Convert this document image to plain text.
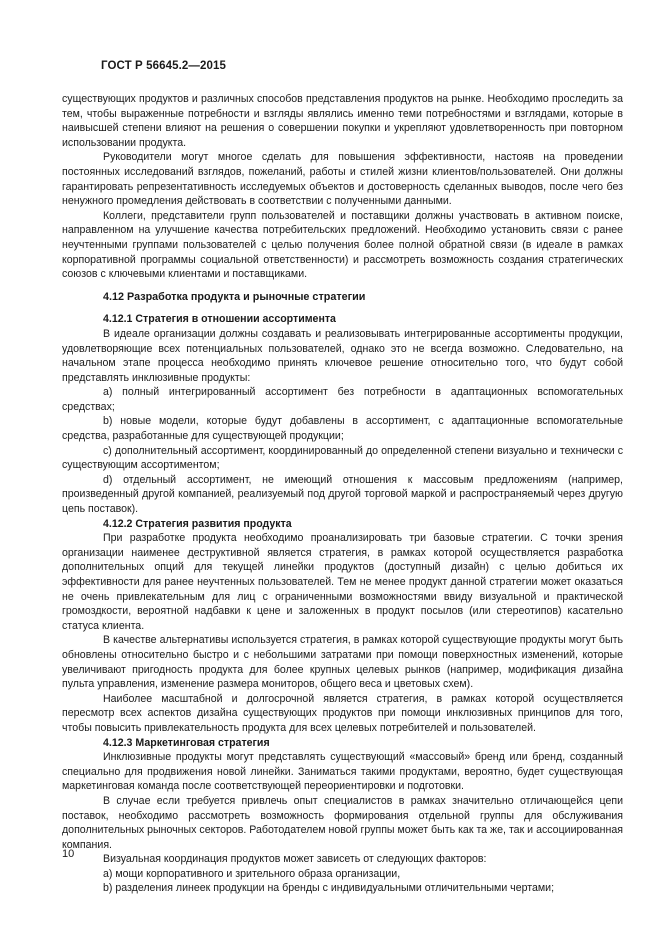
ГОСТ Р 56645.2—2015

существующих продуктов и различных способов представления продуктов на рынке. Необходимо проследить за тем, чтобы выраженные потребности и взгляды являлись именно теми потребностями и взглядами, которые в наивысшей степени влияют на решения о совершении покупки и укрепляют удовлетворенность при повторном использовании продукта.

Руководители могут многое сделать для повышения эффективности, настояв на проведении постоянных исследований взглядов, пожеланий, работы и стилей жизни клиентов/пользователей. Они должны гарантировать репрезентативность исследуемых объектов и достоверность сделанных выводов, после чего без ненужного промедления действовать в соответствии с полученными данными.

Коллеги, представители групп пользователей и поставщики должны участвовать в активном поиске, направленном на улучшение качества потребительских предложений. Необходимо установить связи с ранее неучтенными группами пользователей с целью получения более полной обратной связи (в идеале в рамках корпоративной программы социальной ответственности) и рассмотреть возможность создания стратегических союзов с ключевыми клиентами и поставщиками.

4.12 Разработка продукта и рыночные стратегии
4.12.1 Стратегия в отношении ассортимента

В идеале организации должны создавать и реализовывать интегрированные ассортименты продукции, удовлетворяющие всех потенциальных пользователей, однако это не всегда возможно. Следовательно, на начальном этапе процесса необходимо принять ключевое решение относительно того, что будут собой представлять инклюзивные продукты:

a) полный интегрированный ассортимент без потребности в адаптационных вспомогательных средствах;

b) новые модели, которые будут добавлены в ассортимент, с адаптационные вспомогательные средства, разработанные для существующей продукции;

c) дополнительный ассортимент, координированный до определенной степени визуально и технически с существующим ассортиментом;

d) отдельный ассортимент, не имеющий отношения к массовым предложениям (например, произведенный другой компанией, реализуемый под другой торговой маркой и распространяемый через другую цепь поставок).

4.12.2 Стратегия развития продукта

При разработке продукта необходимо проанализировать три базовые стратегии. С точки зрения организации наименее деструктивной является стратегия, в рамках которой осуществляется разработка дополнительных опций для текущей линейки продуктов (доступный дизайн) с целью добиться их эффективности для ранее неучтенных пользователей. Тем не менее продукт данной стратегии может оказаться не очень привлекательным для лиц с ограниченными возможностями ввиду визуальной и практической громоздкости, вероятной надбавки к цене и заложенных в продукт посылов (или стереотипов) касательно статуса клиента.

В качестве альтернативы используется стратегия, в рамках которой существующие продукты могут быть обновлены относительно быстро и с небольшими затратами при помощи поверхностных изменений, которые увеличивают пригодность продукта для более крупных целевых рынков (например, модификация дизайна пульта управления, изменение размера мониторов, общего веса и цветовых схем).

Наиболее масштабной и долгосрочной является стратегия, в рамках которой осуществляется пересмотр всех аспектов дизайна существующих продуктов при помощи инклюзивных принципов для того, чтобы повысить привлекательность продукта для всех целевых потребителей и пользователей.

4.12.3 Маркетинговая стратегия

Инклюзивные продукты могут представлять существующий «массовый» бренд или бренд, созданный специально для продвижения новой линейки. Заниматься такими продуктами, вероятно, будет существующая маркетинговая команда после соответствующей переориентировки и подготовки.

В случае если требуется привлечь опыт специалистов в рамках значительно отличающейся цепи поставок, необходимо рассмотреть возможность формирования отдельной группы для обслуживания дополнительных рыночных секторов. Работодателем новой группы может быть как та же, так и ассоциированная компания.

Визуальная координация продуктов может зависеть от следующих факторов:

a) мощи корпоративного и зрительного образа организации,

b) разделения линеек продукции на бренды с индивидуальными отличительными чертами;

10
